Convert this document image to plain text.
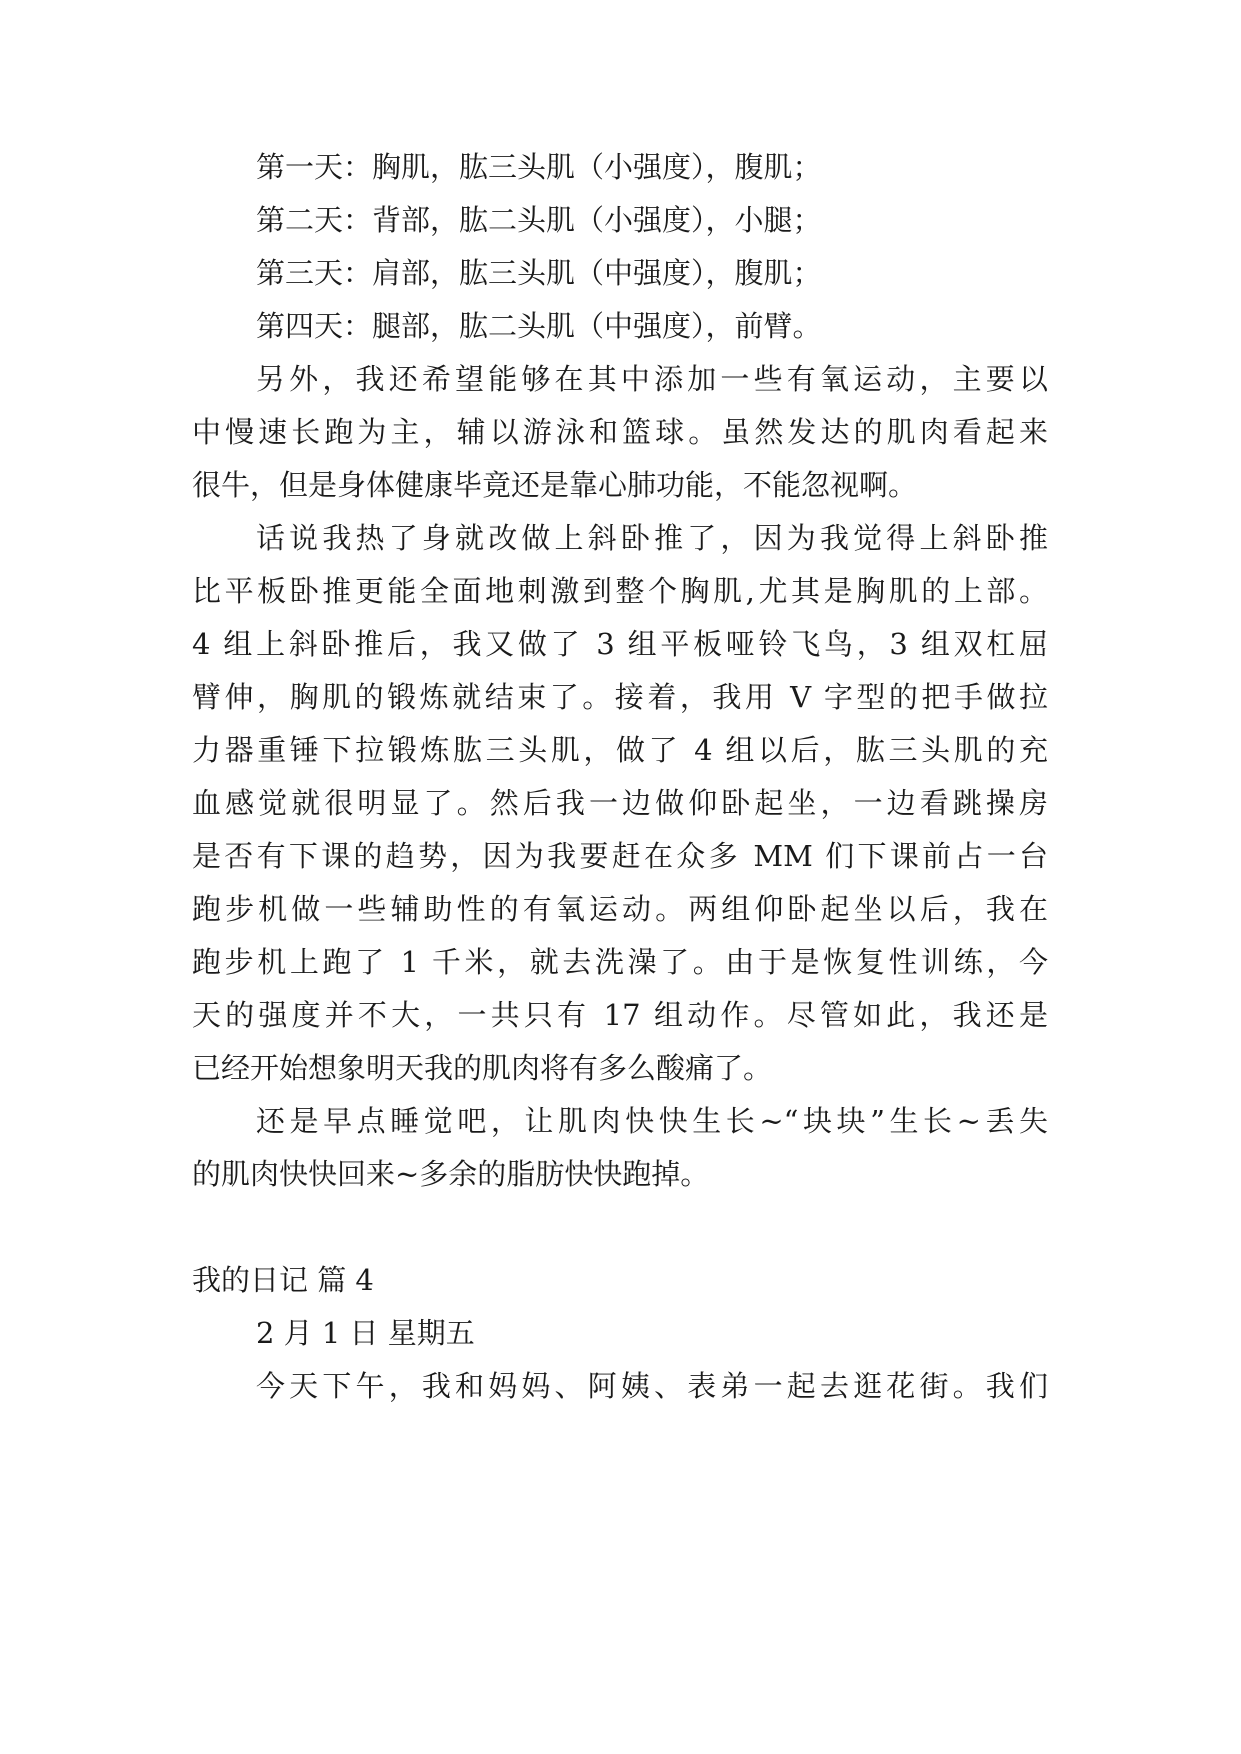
第一天：胸肌，肱三头肌（小强度），腹肌；
第二天：背部，肱二头肌（小强度），小腿；
第三天：肩部，肱三头肌（中强度），腹肌；
第四天：腿部，肱二头肌（中强度），前臂。
另外，我还希望能够在其中添加一些有氧运动，主要以
中慢速长跑为主，辅以游泳和篮球。虽然发达的肌肉看起来
很牛，但是身体健康毕竟还是靠心肺功能，不能忽视啊。
话说我热了身就改做上斜卧推了，因为我觉得上斜卧推
比平板卧推更能全面地刺激到整个胸肌,尤其是胸肌的上部。
4 组上斜卧推后，我又做了 3 组平板哑铃飞鸟，3 组双杠屈
臂伸，胸肌的锻炼就结束了。接着，我用 V 字型的把手做拉
力器重锤下拉锻炼肱三头肌，做了 4 组以后，肱三头肌的充
血感觉就很明显了。然后我一边做仰卧起坐，一边看跳操房
是否有下课的趋势，因为我要赶在众多 MM 们下课前占一台
跑步机做一些辅助性的有氧运动。两组仰卧起坐以后，我在
跑步机上跑了 1 千米，就去洗澡了。由于是恢复性训练，今
天的强度并不大，一共只有 17 组动作。尽管如此，我还是
已经开始想象明天我的肌肉将有多么酸痛了。
还是早点睡觉吧，让肌肉快快生长~“块块”生长~丢失
的肌肉快快回来~多余的脂肪快快跑掉。
我的日记 篇 4
2 月 1 日 星期五
今天下午，我和妈妈、阿姨、表弟一起去逛花街。我们
